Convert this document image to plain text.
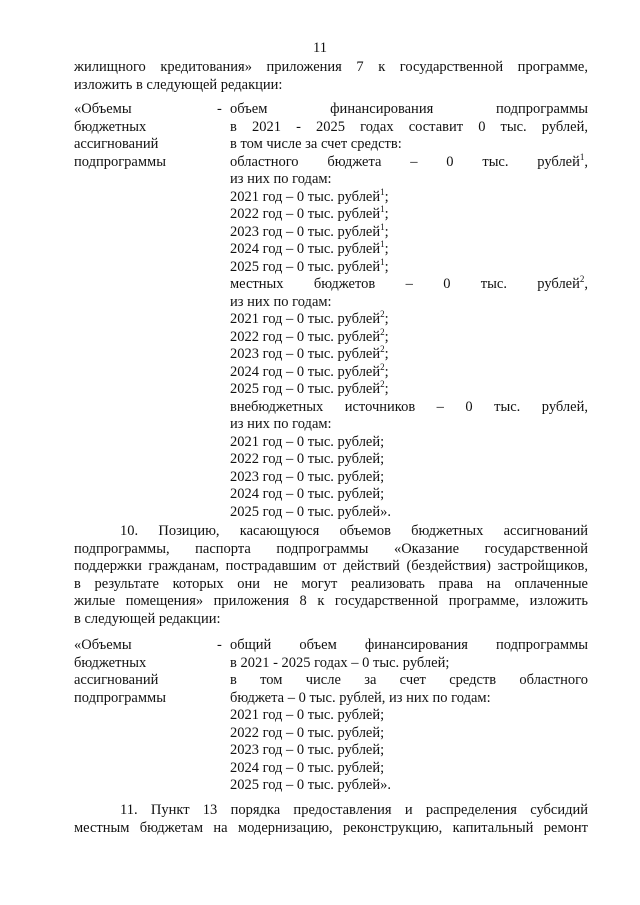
11
жилищного кредитования» приложения 7 к государственной программе,
изложить в следующей редакции:
«Объемы
бюджетных
ассигнований
подпрограммы
- объем финансирования подпрограммы
в 2021 - 2025 годах составит 0 тыс. рублей,
в том числе за счет средств:
областного бюджета – 0 тыс. рублей$^1$,
из них по годам:
2021 год – 0 тыс. рублей$^1$;
2022 год – 0 тыс. рублей$^1$;
2023 год – 0 тыс. рублей$^1$;
2024 год – 0 тыс. рублей$^1$;
2025 год – 0 тыс. рублей$^1$;
местных бюджетов – 0 тыс. рублей$^2$,
из них по годам:
2021 год – 0 тыс. рублей$^2$;
2022 год – 0 тыс. рублей$^2$;
2023 год – 0 тыс. рублей$^2$;
2024 год – 0 тыс. рублей$^2$;
2025 год – 0 тыс. рублей$^2$;
внебюджетных источников – 0 тыс. рублей,
из них по годам:
2021 год – 0 тыс. рублей;
2022 год – 0 тыс. рублей;
2023 год – 0 тыс. рублей;
2024 год – 0 тыс. рублей;
2025 год – 0 тыс. рублей».
10. Позицию, касающуюся объемов бюджетных ассигнований
подпрограммы, паспорта подпрограммы «Оказание государственной
поддержки гражданам, пострадавшим от действий (бездействия) застройщиков,
в результате которых они не могут реализовать права на оплаченные
жилые помещения» приложения 8 к государственной программе, изложить
в следующей редакции:
«Объемы
бюджетных
ассигнований
подпрограммы
- общий объем финансирования подпрограммы
в 2021 - 2025 годах – 0 тыс. рублей;
в том числе за счет средств областного
бюджета – 0 тыс. рублей, из них по годам:
2021 год – 0 тыс. рублей;
2022 год – 0 тыс. рублей;
2023 год – 0 тыс. рублей;
2024 год – 0 тыс. рублей;
2025 год – 0 тыс. рублей».
11. Пункт 13 порядка предоставления и распределения субсидий
местным бюджетам на модернизацию, реконструкцию, капитальный ремонт
